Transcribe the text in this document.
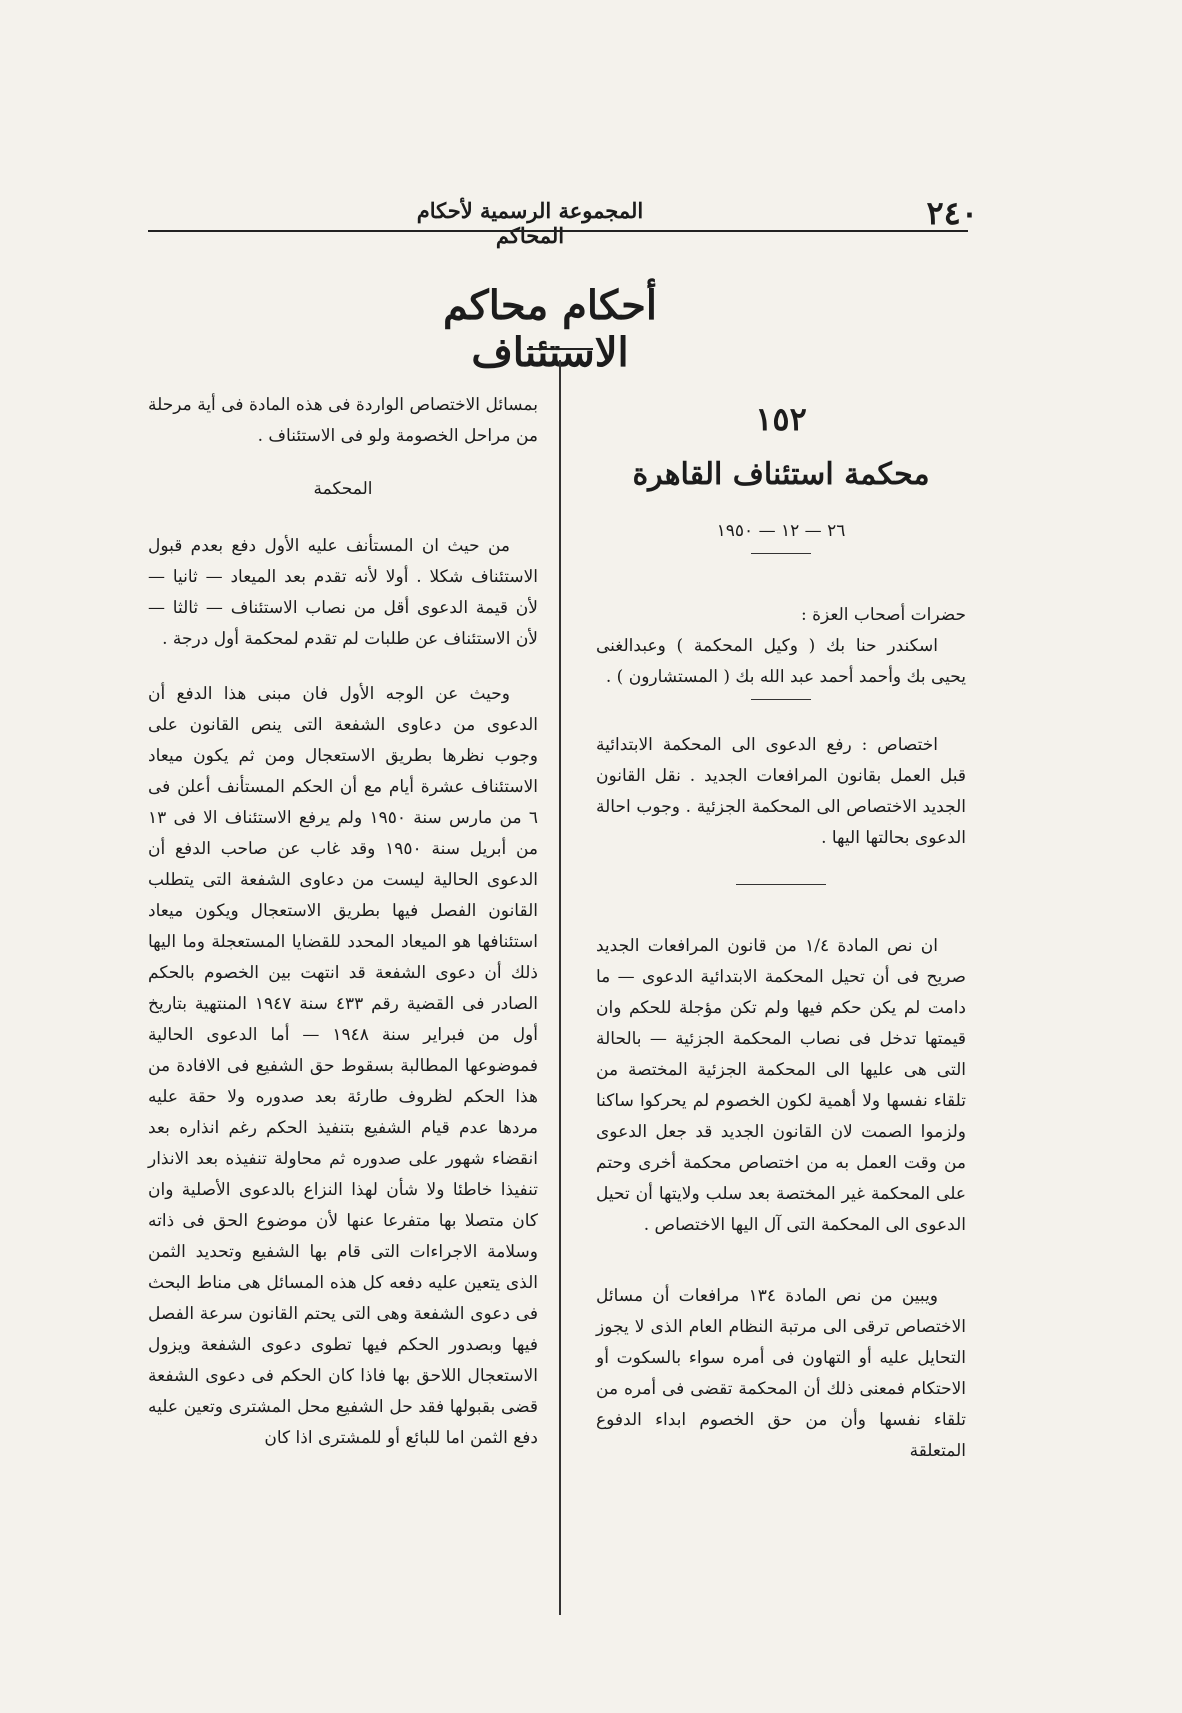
٢٤٠
المجموعة الرسمية لأحكام المحاكم
أحكام محاكم الاستئناف
١٥٢
محكمة استئناف القاهرة
٢٦ — ١٢ — ١٩٥٠

حضرات أصحاب العزة :

اسكندر حنا بك ( وكيل المحكمة ) وعبدالغنى يحيى بك وأحمد أحمد عبد الله بك ( المستشارون ) .

اختصاص : رفع الدعوى الى المحكمة الابتدائية قبل العمل بقانون المرافعات الجديد . نقل القانون الجديد الاختصاص الى المحكمة الجزئية . وجوب احالة الدعوى بحالتها اليها .

ان نص المادة ١/٤ من قانون المرافعات الجديد صريح فى أن تحيل المحكمة الابتدائية الدعوى — ما دامت لم يكن حكم فيها ولم تكن مؤجلة للحكم وان قيمتها تدخل فى نصاب المحكمة الجزئية — بالحالة التى هى عليها الى المحكمة الجزئية المختصة من تلقاء نفسها ولا أهمية لكون الخصوم لم يحركوا ساكنا ولزموا الصمت لان القانون الجديد قد جعل الدعوى من وقت العمل به من اختصاص محكمة أخرى وحتم على المحكمة غير المختصة بعد سلب ولايتها أن تحيل الدعوى الى المحكمة التى آل اليها الاختصاص .

ويبين من نص المادة ١٣٤ مرافعات أن مسائل الاختصاص ترقى الى مرتبة النظام العام الذى لا يجوز التحايل عليه أو التهاون فى أمره سواء بالسكوت أو الاحتكام فمعنى ذلك أن المحكمة تقضى فى أمره من تلقاء نفسها وأن من حق الخصوم ابداء الدفوع المتعلقة

بمسائل الاختصاص الواردة فى هذه المادة فى أية مرحلة من مراحل الخصومة ولو فى الاستئناف .

المحكمة

من حيث ان المستأنف عليه الأول دفع بعدم قبول الاستئناف شكلا . أولا لأنه تقدم بعد الميعاد — ثانيا — لأن قيمة الدعوى أقل من نصاب الاستئناف — ثالثا — لأن الاستئناف عن طلبات لم تقدم لمحكمة أول درجة .

وحيث عن الوجه الأول فان مبنى هذا الدفع أن الدعوى من دعاوى الشفعة التى ينص القانون على وجوب نظرها بطريق الاستعجال ومن ثم يكون ميعاد الاستئناف عشرة أيام مع أن الحكم المستأنف أعلن فى ٦ من مارس سنة ١٩٥٠ ولم يرفع الاستئناف الا فى ١٣ من أبريل سنة ١٩٥٠ وقد غاب عن صاحب الدفع أن الدعوى الحالية ليست من دعاوى الشفعة التى يتطلب القانون الفصل فيها بطريق الاستعجال ويكون ميعاد استئنافها هو الميعاد المحدد للقضايا المستعجلة وما اليها ذلك أن دعوى الشفعة قد انتهت بين الخصوم بالحكم الصادر فى القضية رقم ٤٣٣ سنة ١٩٤٧ المنتهية بتاريخ أول من فبراير سنة ١٩٤٨ — أما الدعوى الحالية فموضوعها المطالبة بسقوط حق الشفيع فى الافادة من هذا الحكم لظروف طارئة بعد صدوره ولا حقة عليه مردها عدم قيام الشفيع بتنفيذ الحكم رغم انذاره بعد انقضاء شهور على صدوره ثم محاولة تنفيذه بعد الانذار تنفيذا خاطئا ولا شأن لهذا النزاع بالدعوى الأصلية وان كان متصلا بها متفرعا عنها لأن موضوع الحق فى ذاته وسلامة الاجراءات التى قام بها الشفيع وتحديد الثمن الذى يتعين عليه دفعه كل هذه المسائل هى مناط البحث فى دعوى الشفعة وهى التى يحتم القانون سرعة الفصل فيها وبصدور الحكم فيها تطوى دعوى الشفعة ويزول الاستعجال اللاحق بها فاذا كان الحكم فى دعوى الشفعة قضى بقبولها فقد حل الشفيع محل المشترى وتعين عليه دفع الثمن اما للبائع أو للمشترى اذا كان
